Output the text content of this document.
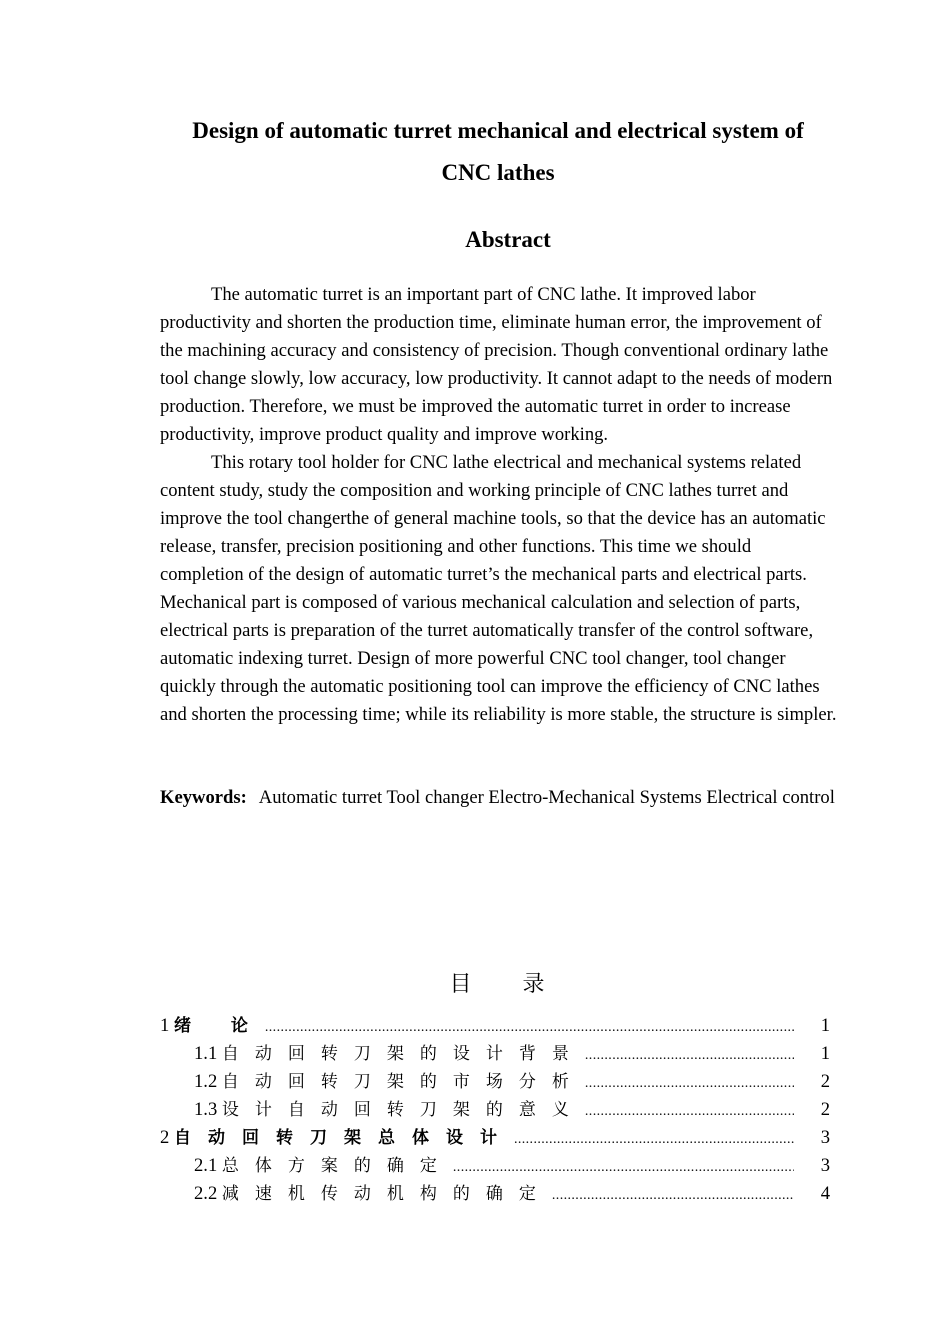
Design of automatic turret mechanical and electrical system of
CNC lathes
Abstract

The automatic turret is an important part of CNC lathe. It improved labor productivity and shorten the production time, eliminate human error, the improvement of the machining accuracy and consistency of precision. Though conventional ordinary lathe tool change slowly, low accuracy, low productivity. It cannot adapt to the needs of modern production. Therefore, we must be improved the automatic turret in order to increase productivity, improve product quality and improve working.

This rotary tool holder for CNC lathe electrical and mechanical systems related content study, study the composition and working principle of CNC lathes turret and improve the tool changerthe of general machine tools, so that the device has an automatic release, transfer, precision positioning and other functions. This time we should completion of the design of automatic turret’s the mechanical parts and electrical parts. Mechanical part is composed of various mechanical calculation and selection of parts, electrical parts is preparation of the turret automatically transfer of the control software, automatic indexing turret. Design of more powerful CNC tool changer, tool changer quickly through the automatic positioning tool can improve the efficiency of CNC lathes and shorten the processing time; while its reliability is more stable, the structure is simpler.

Keywords: Automatic turret Tool changer Electro-Mechanical Systems Electrical control
目 录
1 绪 论 .....	1
1.1 自动回转刀架的设计背景 .....	1
1.2 自动回转刀架的市场分析 .....	2
1.3 设计自动回转刀架的意义 .....	2
2 自动回转刀架总体设计 .....	3
2.1 总体方案的确定 .....	3
2.2 减速机传动机构的确定 .....	4
